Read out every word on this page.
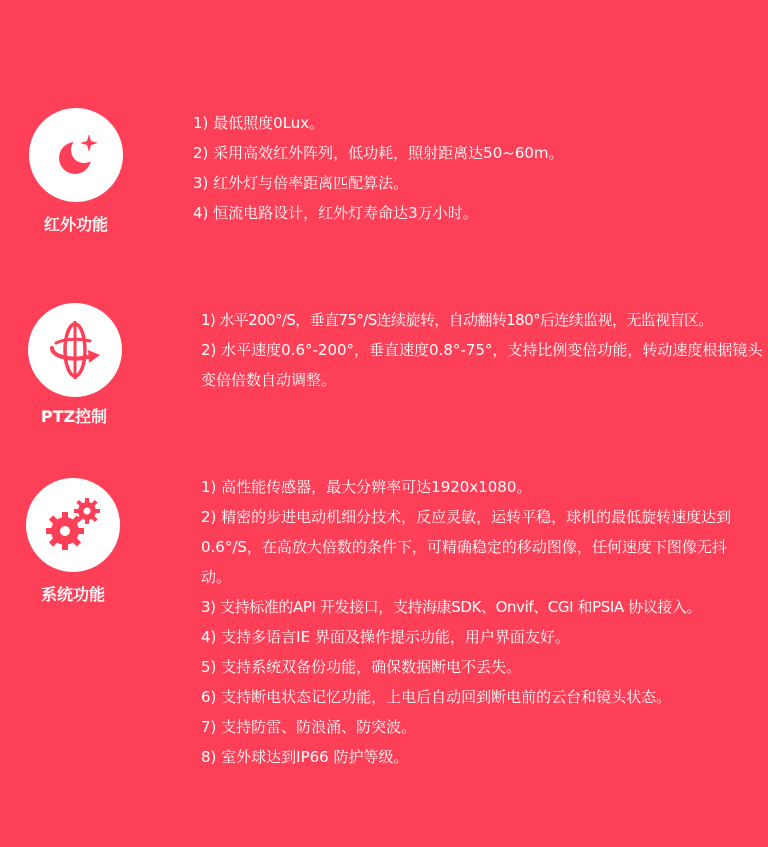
红外功能
1) 最低照度0Lux。
2) 采用高效红外阵列，低功耗，照射距离达50~60m。
3) 红外灯与倍率距离匹配算法。
4) 恒流电路设计，红外灯寿命达3万小时。
PTZ控制
1) 水平200°/S，垂直75°/S连续旋转，自动翻转180°后连续监视，无监视盲区。
2) 水平速度0.6°-200°，垂直速度0.8°-75°，支持比例变倍功能，转动速度根据镜头变倍倍数自动调整。
系统功能
1) 高性能传感器，最大分辨率可达1920x1080。
2) 精密的步进电动机细分技术，反应灵敏，运转平稳，球机的最低旋转速度达到0.6°/S，在高放大倍数的条件下，可精确稳定的移动图像，任何速度下图像无抖动。
3) 支持标准的API 开发接口，支持海康SDK、Onvif、CGI 和PSIA 协议接入。
4) 支持多语言IE 界面及操作提示功能，用户界面友好。
5) 支持系统双备份功能，确保数据断电不丢失。
6) 支持断电状态记忆功能，上电后自动回到断电前的云台和镜头状态。
7) 支持防雷、防浪涌、防突波。
8) 室外球达到IP66 防护等级。
